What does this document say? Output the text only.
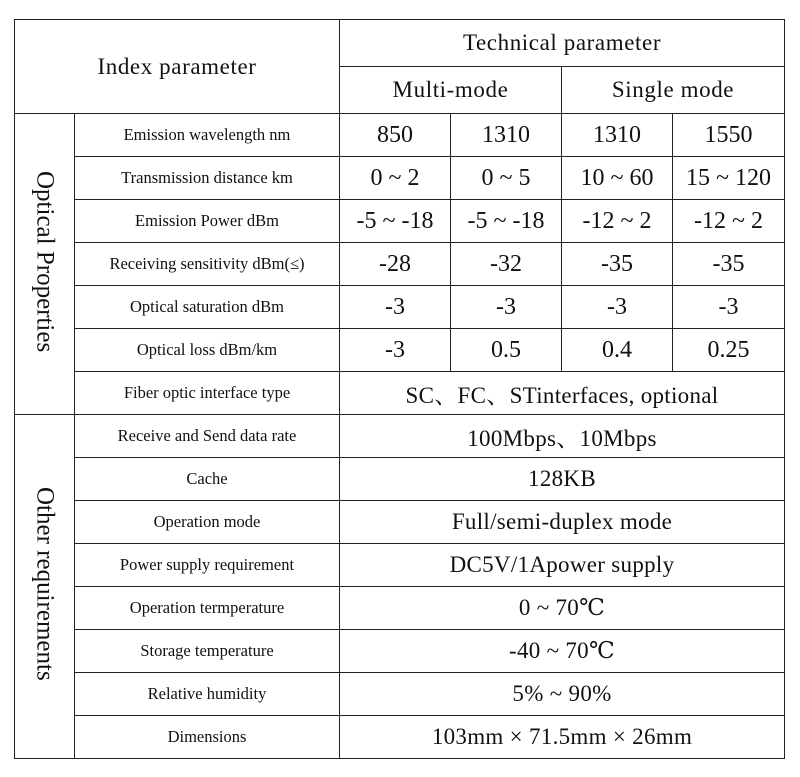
Index parameter		Technical parameter			
		Multi-mode		Single mode	
Optical Properties	Emission wavelength nm	850	1310	1310	1550
	Transmission distance km	0 ~ 2	0 ~ 5	10 ~ 60	15 ~ 120
	Emission Power dBm	-5 ~ -18	-5 ~ -18	-12 ~ 2	-12 ~ 2
	Receiving sensitivity dBm(≤)	-28	-32	-35	-35
	Optical saturation dBm	-3	-3	-3	-3
	Optical loss dBm/km	-3	0.5	0.4	0.25
	Fiber optic interface type	SC、FC、STinterfaces, optional			
Other requirements	Receive and Send data rate	100Mbps、10Mbps			
	Cache	128KB			
	Operation mode	Full/semi-duplex mode			
	Power supply requirement	DC5V/1Apower supply			
	Operation termperature	0 ~ 70℃			
	Storage temperature	-40 ~ 70℃			
	Relative humidity	5% ~ 90%			
	Dimensions	103mm × 71.5mm × 26mm			
